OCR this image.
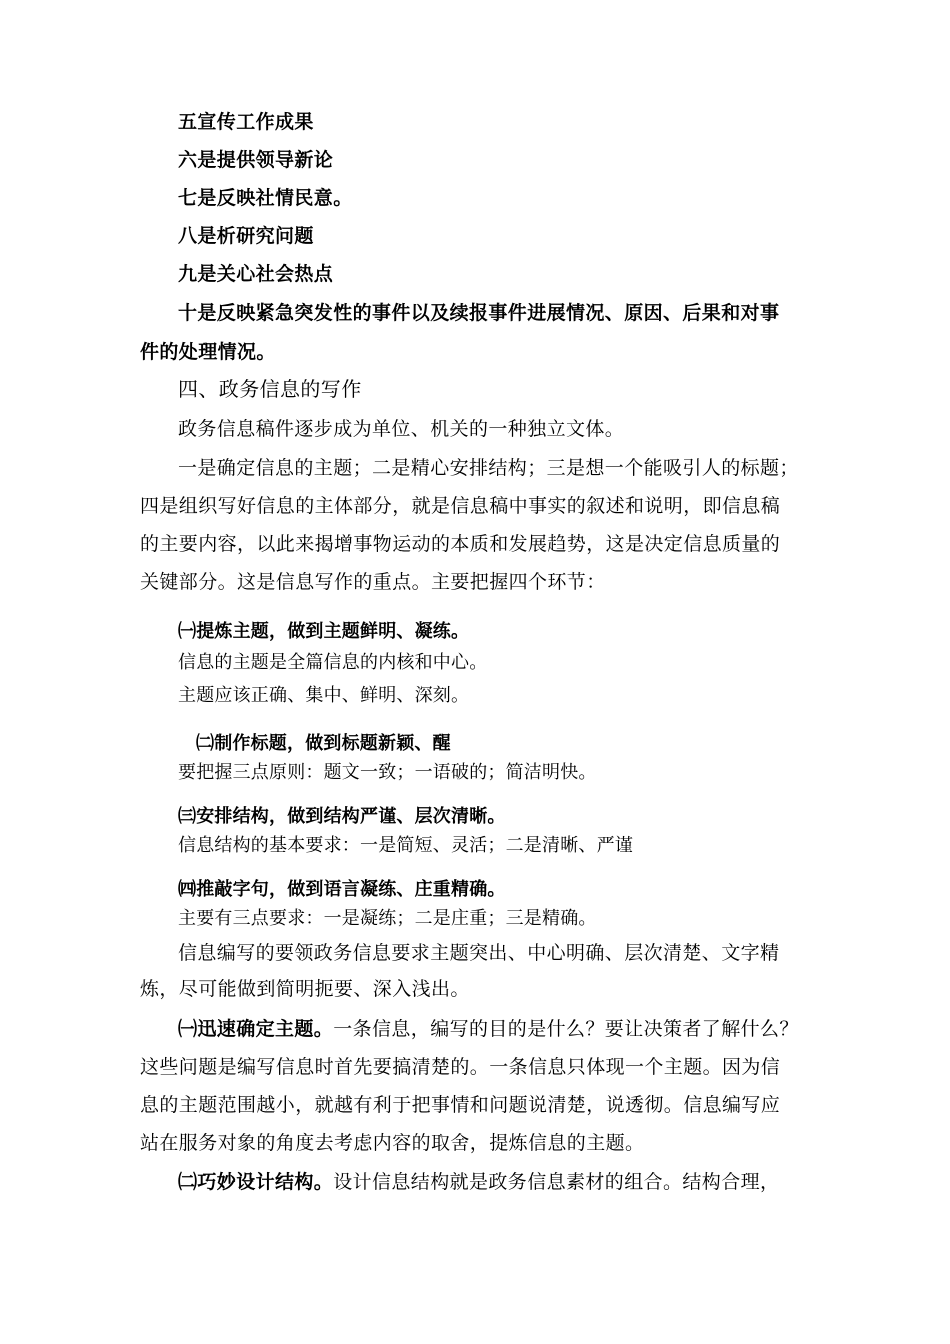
五宣传工作成果

六是提供领导新论

七是反映社情民意。

八是析研究问题

九是关心社会热点

十是反映紧急突发性的事件以及续报事件进展情况、原因、后果和对事

件的处理情况。

四、政务信息的写作

政务信息稿件逐步成为单位、机关的一种独立文体。

一是确定信息的主题；二是精心安排结构；三是想一个能吸引人的标题；

四是组织写好信息的主体部分，就是信息稿中事实的叙述和说明，即信息稿

的主要内容，以此来揭增事物运动的本质和发展趋势，这是决定信息质量的

关键部分。这是信息写作的重点。主要把握四个环节：

㈠提炼主题，做到主题鲜明、凝练。

信息的主题是全篇信息的内核和中心。

主题应该正确、集中、鲜明、深刻。

㈡制作标题，做到标题新颖、醒

要把握三点原则：题文一致；一语破的；简洁明快。

㈢安排结构，做到结构严谨、层次清晰。

信息结构的基本要求：一是简短、灵活；二是清晰、严谨

㈣推敲字句，做到语言凝练、庄重精确。

主要有三点要求：一是凝练；二是庄重；三是精确。

信息编写的要领政务信息要求主题突出、中心明确、层次清楚、文字精

炼，尽可能做到简明扼要、深入浅出。

㈠迅速确定主题。一条信息，编写的目的是什么？要让决策者了解什么？

这些问题是编写信息时首先要搞清楚的。一条信息只体现一个主题。因为信

息的主题范围越小，就越有利于把事情和问题说清楚，说透彻。信息编写应

站在服务对象的角度去考虑内容的取舍，提炼信息的主题。

㈡巧妙设计结构。设计信息结构就是政务信息素材的组合。结构合理，
